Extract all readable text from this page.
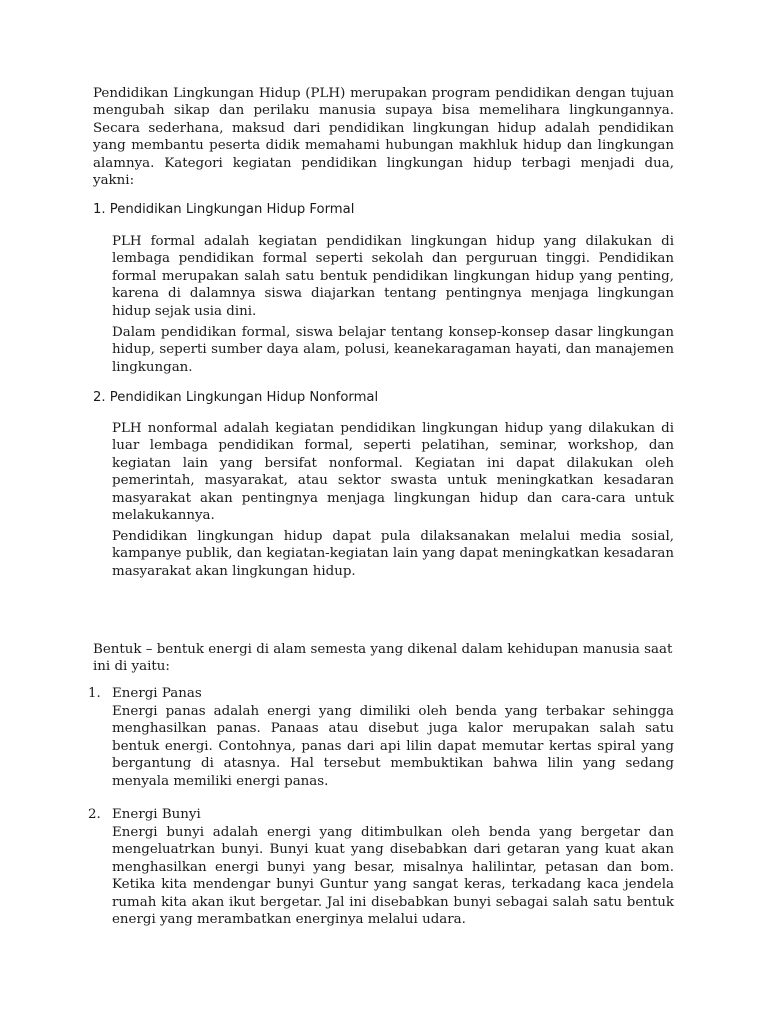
Pendidikan Lingkungan Hidup (PLH) merupakan program pendidikan dengan tujuan mengubah sikap dan perilaku manusia supaya bisa memelihara lingkungannya. Secara sederhana, maksud dari pendidikan lingkungan hidup adalah pendidikan yang membantu peserta didik memahami hubungan makhluk hidup dan lingkungan alamnya. Kategori kegiatan pendidikan lingkungan hidup terbagi menjadi dua, yakni:

1. Pendidikan Lingkungan Hidup Formal

PLH formal adalah kegiatan pendidikan lingkungan hidup yang dilakukan di lembaga pendidikan formal seperti sekolah dan perguruan tinggi. Pendidikan formal merupakan salah satu bentuk pendidikan lingkungan hidup yang penting, karena di dalamnya siswa diajarkan tentang pentingnya menjaga lingkungan hidup sejak usia dini.

Dalam pendidikan formal, siswa belajar tentang konsep-konsep dasar lingkungan hidup, seperti sumber daya alam, polusi, keanekaragaman hayati, dan manajemen lingkungan.

2. Pendidikan Lingkungan Hidup Nonformal

PLH nonformal adalah kegiatan pendidikan lingkungan hidup yang dilakukan di luar lembaga pendidikan formal, seperti pelatihan, seminar, workshop, dan kegiatan lain yang bersifat nonformal. Kegiatan ini dapat dilakukan oleh pemerintah, masyarakat, atau sektor swasta untuk meningkatkan kesadaran masyarakat akan pentingnya menjaga lingkungan hidup dan cara-cara untuk melakukannya.

Pendidikan lingkungan hidup dapat pula dilaksanakan melalui media sosial, kampanye publik, dan kegiatan-kegiatan lain yang dapat meningkatkan kesadaran masyarakat akan lingkungan hidup.

Bentuk – bentuk energi di alam semesta yang dikenal dalam kehidupan manusia saat ini di yaitu:

1. Energi Panas

Energi panas adalah energi yang dimiliki oleh benda yang terbakar sehingga menghasilkan panas. Panaas atau disebut juga kalor merupakan salah satu bentuk energi. Contohnya, panas dari api lilin dapat memutar kertas spiral yang bergantung di atasnya. Hal tersebut membuktikan bahwa lilin yang sedang menyala memiliki energi panas.

2. Energi Bunyi

Energi bunyi adalah energi yang ditimbulkan oleh benda yang bergetar dan mengeluatrkan bunyi. Bunyi kuat yang disebabkan dari getaran yang kuat akan menghasilkan energi bunyi yang besar, misalnya halilintar, petasan dan bom. Ketika kita mendengar bunyi Guntur yang sangat keras, terkadang kaca jendela rumah kita akan ikut bergetar. Jal ini disebabkan bunyi sebagai salah satu bentuk energi yang merambatkan energinya melalui udara.
